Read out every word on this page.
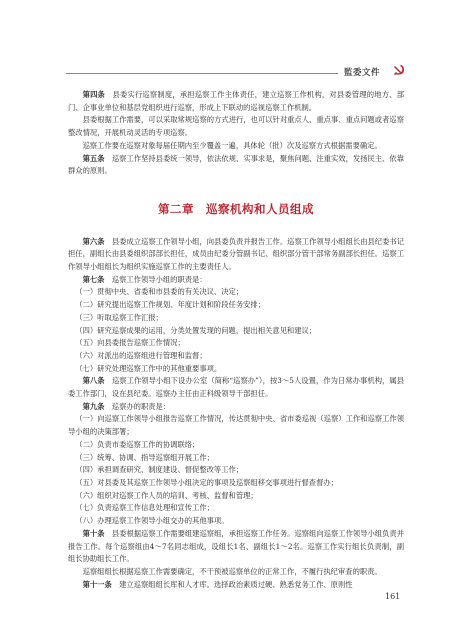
監委文件

第四条　 县委实行巡察制度，承担巡察工作主体责任，建立巡察工作机构，对县委管理的地方、部门、企事业单位和基层党组织进行巡察，形成上下联动的巡视巡察工作机制。

县委根据工作需要，可以采取常规巡察的方式进行，也可以针对重点人、重点事、重点问题或者巡察整改情况，开展机动灵活的专项巡察。

巡察工作要在巡察对象每届任期内至少覆盖一遍，具体轮（批）次及巡察方式根据需要确定。

第五条　 巡察工作坚持县委统一领导，依法依规、实事求是，聚焦问题、注重实效，发扬民主、依靠群众的原则。

第二章　巡察机构和人员组成

第六条　 县委成立巡察工作领导小组，向县委负责并报告工作。巡察工作领导小组组长由县纪委书记担任，副组长由县委组织部部长担任，成员由纪委分管副书记、组织部分管干部常务副部长担任。巡察工作领导小组组长为组织实施巡察工作的主要责任人。

第七条　 巡察工作领导小组的职责是：

（一）贯彻中央、省委和市县委的有关决议、决定；

（二）研究提出巡察工作规划、年度计划和阶段任务安排；

（三）听取巡察工作汇报；

（四）研究巡察成果的运用，分类处置发现的问题，提出相关意见和建议；

（五）向县委报告巡察工作情况；

（六）对派出的巡察组进行管理和监督；

（七）研究处理巡察工作中的其他重要事项。

第八条　 巡察工作领导小组下设办公室（简称“巡察办”），按3～5人设置，作为日常办事机构，属县委工作部门，设在县纪委。巡察办主任由正科级领导干部担任。

第九条　 巡察办的职责是：

（一）向巡察工作领导小组报告巡察工作情况，传达贯彻中央、省市委巡视（巡察）工作和巡察工作领导小组的决策部署；

（二）负责市委巡察工作的协调联络；

（三）统筹、协调、指导巡察组开展工作；

（四）承担调查研究、制度建设、督促整改等工作；

（五）对县委及其巡察工作领导小组决定的事项及巡察组移交事项进行督查督办；

（六）组织对巡察工作人员的培训、考核、监督和管理；

（七）负责巡察工作信息处理和宣传工作；

（八）办理巡察工作领导小组交办的其他事项。

第十条　 县委根据巡察工作需要组建巡察组，承担巡察工作任务。巡察组向巡察工作领导小组负责并报告工作。每个巡察组由4～7名同志组成，设组长1名、副组长1～2名。巡察工作实行组长负责制，副组长协助组长工作。

巡察组组长根据巡察工作需要确定，不干预被巡察单位的正常工作，不履行执纪审查的职责。

第十一条　 建立巡察组组长库和人才库。选择政治素质过硬、熟悉党务工作、原则性

161
